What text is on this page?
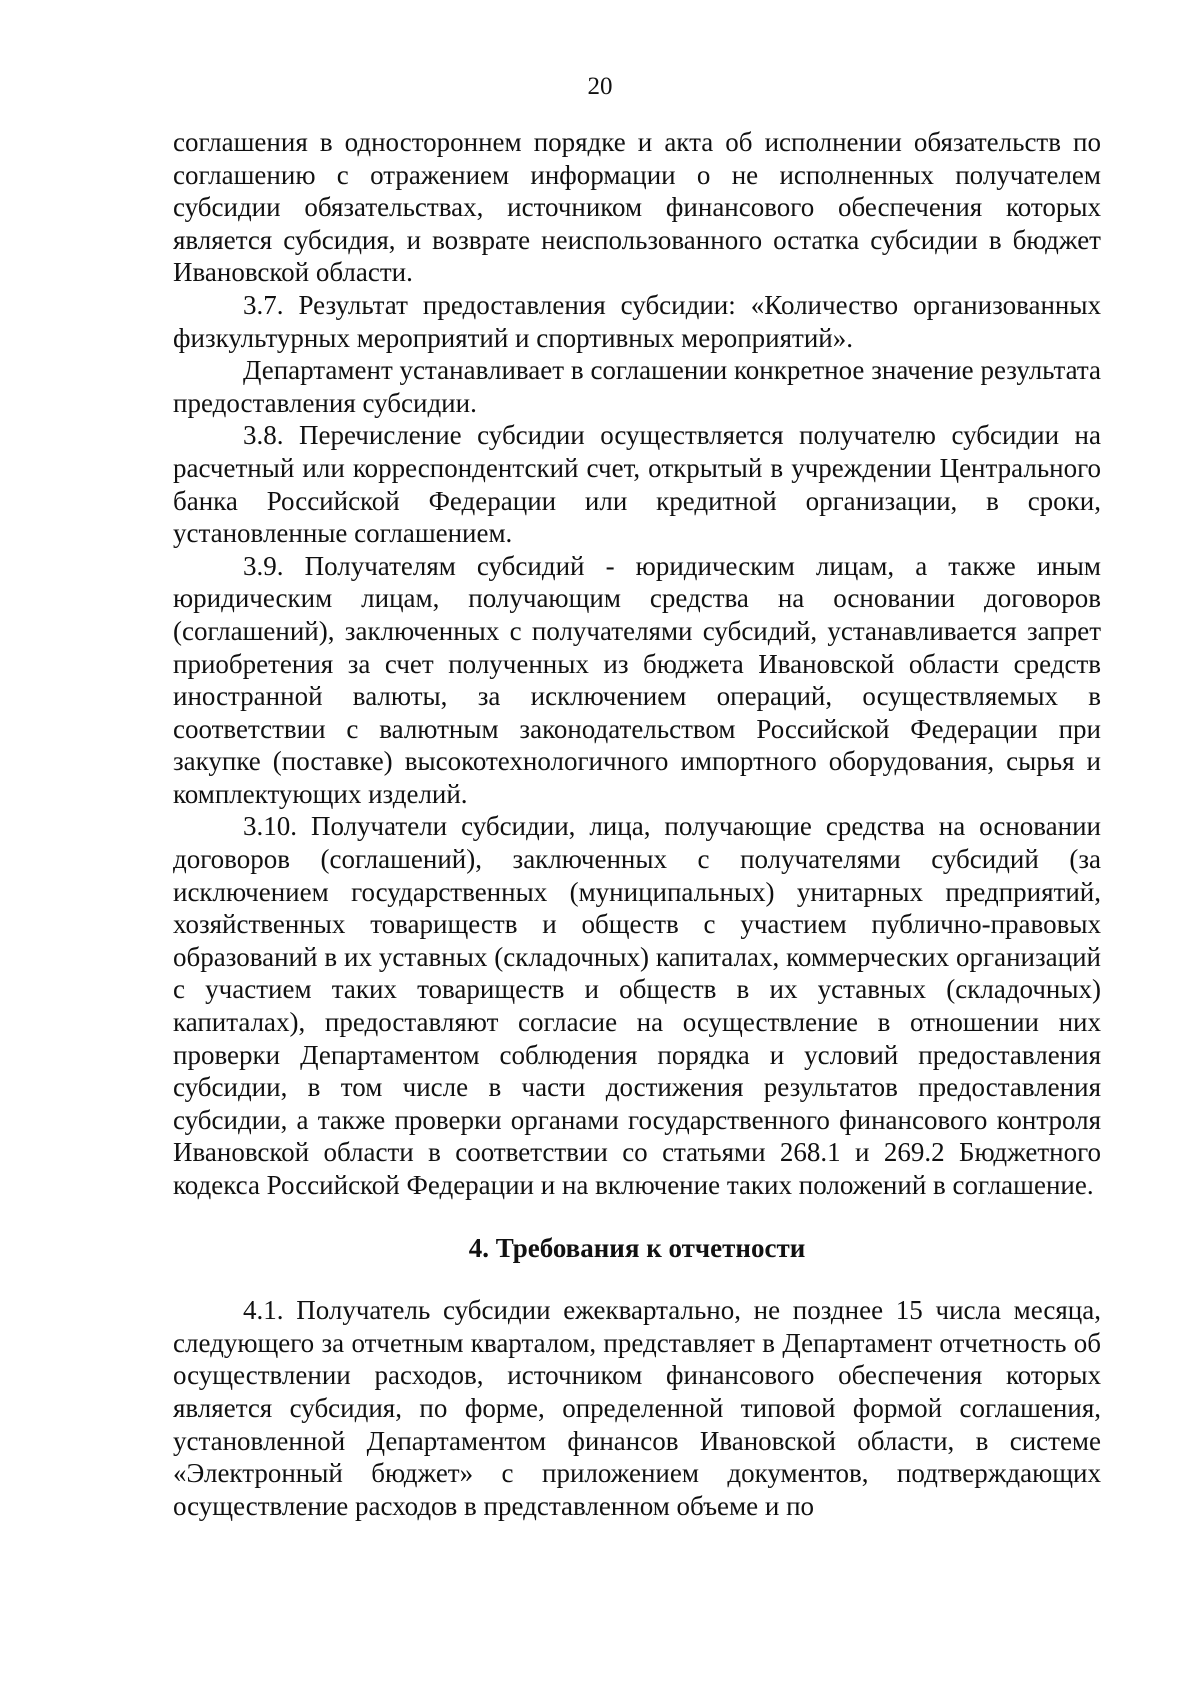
20

соглашения в одностороннем порядке и акта об исполнении обязательств по соглашению с отражением информации о не исполненных получателем субсидии обязательствах, источником финансового обеспечения которых является субсидия, и возврате неиспользованного остатка субсидии в бюджет Ивановской области.

3.7. Результат предоставления субсидии: «Количество организованных физкультурных мероприятий и спортивных мероприятий».

Департамент устанавливает в соглашении конкретное значение результата предоставления субсидии.

3.8. Перечисление субсидии осуществляется получателю субсидии на расчетный или корреспондентский счет, открытый в учреждении Центрального банка Российской Федерации или кредитной организации, в сроки, установленные соглашением.

3.9. Получателям субсидий - юридическим лицам, а также иным юридическим лицам, получающим средства на основании договоров (соглашений), заключенных с получателями субсидий, устанавливается запрет приобретения за счет полученных из бюджета Ивановской области средств иностранной валюты, за исключением операций, осуществляемых в соответствии с валютным законодательством Российской Федерации при закупке (поставке) высокотехнологичного импортного оборудования, сырья и комплектующих изделий.

3.10. Получатели субсидии, лица, получающие средства на основании договоров (соглашений), заключенных с получателями субсидий (за исключением государственных (муниципальных) унитарных предприятий, хозяйственных товариществ и обществ с участием публично-правовых образований в их уставных (складочных) капиталах, коммерческих организаций с участием таких товариществ и обществ в их уставных (складочных) капиталах), предоставляют согласие на осуществление в отношении них проверки Департаментом соблюдения порядка и условий предоставления субсидии, в том числе в части достижения результатов предоставления субсидии, а также проверки органами государственного финансового контроля Ивановской области в соответствии со статьями 268.1 и 269.2 Бюджетного кодекса Российской Федерации и на включение таких положений в соглашение.

4. Требования к отчетности

4.1. Получатель субсидии ежеквартально, не позднее 15 числа месяца, следующего за отчетным кварталом, представляет в Департамент отчетность об осуществлении расходов, источником финансового обеспечения которых является субсидия, по форме, определенной типовой формой соглашения, установленной Департаментом финансов Ивановской области, в системе «Электронный бюджет» с приложением документов, подтверждающих осуществление расходов в представленном объеме и по
